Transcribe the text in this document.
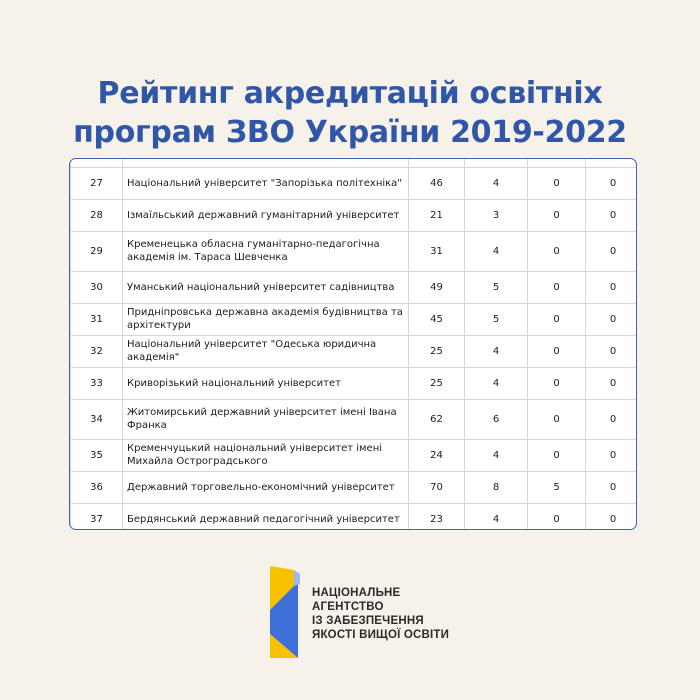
Рейтинг акредитацій освітніх
програм ЗВО України 2019-2022

27	Національний університет "Запорізька політехніка"	46	4	0	0
28	Ізмаїльський державний гуманітарний університет	21	3	0	0
29	Кременецька обласна гуманітарно-педагогічна академія ім. Тараса Шевченка	31	4	0	0
30	Уманський національний університет садівництва	49	5	0	0
31	Придніпровська державна академія будівництва та архітектури	45	5	0	0
32	Національний університет "Одеська юридична академія"	25	4	0	0
33	Криворізький національний університет	25	4	0	0
34	Житомирський державний університет імені Івана Франка	62	6	0	0
35	Кременчуцький національний університет імені Михайла Остроградського	24	4	0	0
36	Державний торговельно-економічний університет	70	8	5	0
37	Бердянський державний педагогічний університет	23	4	0	0
НАЦІОНАЛЬНЕ
АГЕНТСТВО
ІЗ ЗАБЕЗПЕЧЕННЯ
ЯКОСТІ ВИЩОЇ ОСВІТИ
